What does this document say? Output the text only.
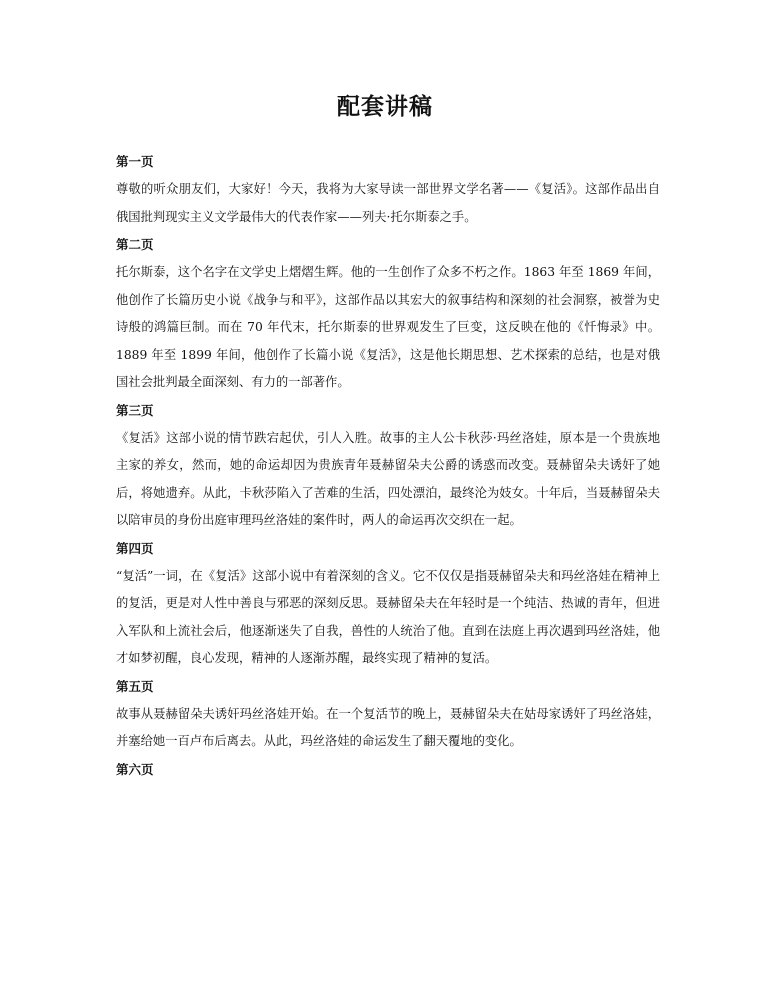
配套讲稿
第一页
尊敬的听众朋友们，大家好！今天，我将为大家导读一部世界文学名著——《复活》。这部作品出自俄国批判现实主义文学最伟大的代表作家——列夫·托尔斯泰之手。
第二页
托尔斯泰，这个名字在文学史上熠熠生辉。他的一生创作了众多不朽之作。1863 年至 1869 年间，他创作了长篇历史小说《战争与和平》，这部作品以其宏大的叙事结构和深刻的社会洞察，被誉为史诗般的鸿篇巨制。而在 70 年代末，托尔斯泰的世界观发生了巨变，这反映在他的《忏悔录》中。1889 年至 1899 年间，他创作了长篇小说《复活》，这是他长期思想、艺术探索的总结，也是对俄国社会批判最全面深刻、有力的一部著作。
第三页
《复活》这部小说的情节跌宕起伏，引人入胜。故事的主人公卡秋莎·玛丝洛娃，原本是一个贵族地主家的养女，然而，她的命运却因为贵族青年聂赫留朵夫公爵的诱惑而改变。聂赫留朵夫诱奸了她后，将她遗弃。从此，卡秋莎陷入了苦难的生活，四处漂泊，最终沦为妓女。十年后，当聂赫留朵夫以陪审员的身份出庭审理玛丝洛娃的案件时，两人的命运再次交织在一起。
第四页
“复活”一词，在《复活》这部小说中有着深刻的含义。它不仅仅是指聂赫留朵夫和玛丝洛娃在精神上的复活，更是对人性中善良与邪恶的深刻反思。聂赫留朵夫在年轻时是一个纯洁、热诚的青年，但进入军队和上流社会后，他逐渐迷失了自我，兽性的人统治了他。直到在法庭上再次遇到玛丝洛娃，他才如梦初醒，良心发现，精神的人逐渐苏醒，最终实现了精神的复活。
第五页
故事从聂赫留朵夫诱奸玛丝洛娃开始。在一个复活节的晚上，聂赫留朵夫在姑母家诱奸了玛丝洛娃，并塞给她一百卢布后离去。从此，玛丝洛娃的命运发生了翻天覆地的变化。
第六页
